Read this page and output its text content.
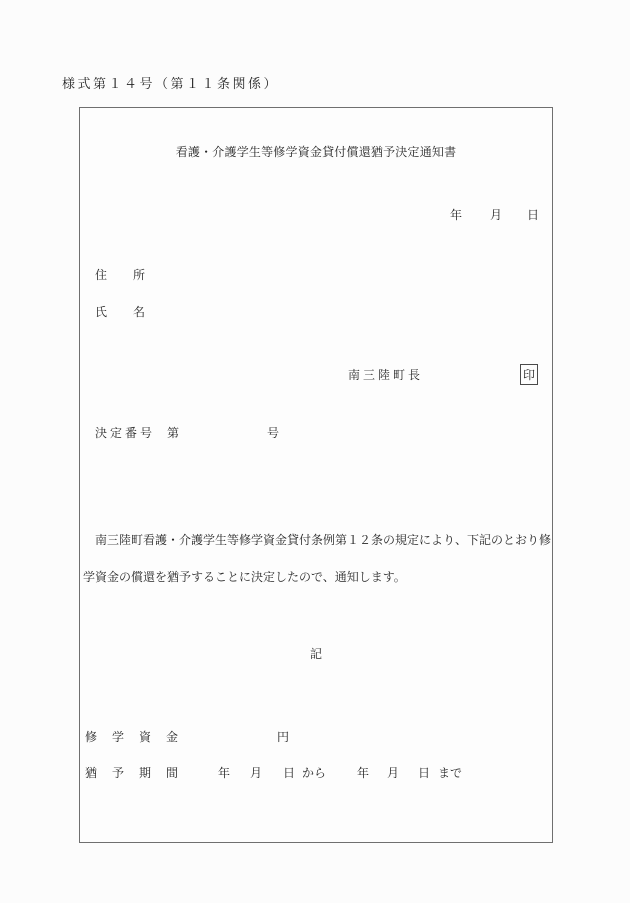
様式第１４号（第１１条関係）
看護・介護学生等修学資金貸付償還猶予決定通知書
年 月 日
住所
氏名
南三陸町長	印
決定番号 第	号
　南三陸町看護・介護学生等修学資金貸付条例第１２条の規定により、下記のとおり修
学資金の償還を猶予することに決定したので、通知します。
記
修学資金	円
猶予期間 年 月 日 から	年 月 日 まで
